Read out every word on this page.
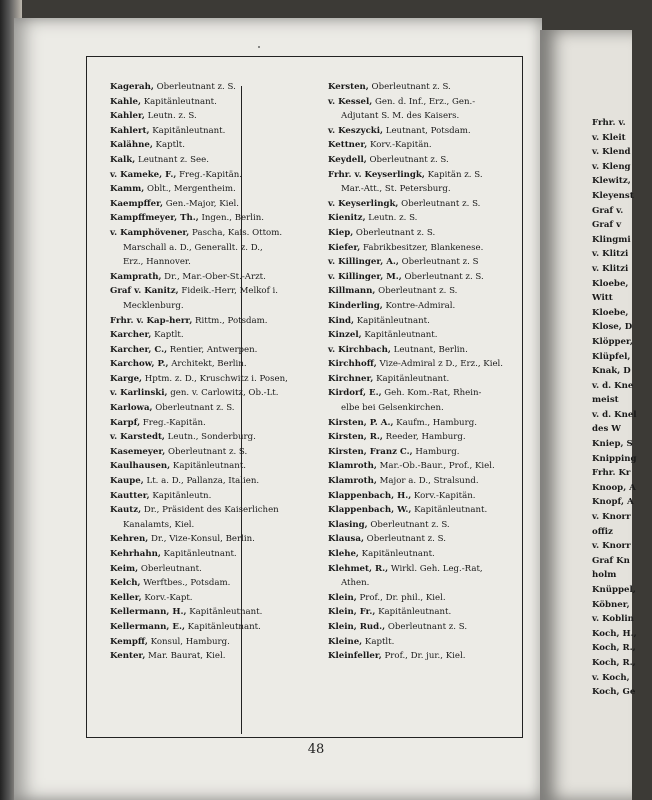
Frhr. v.
v. Kleit
v. Klend
v. Kleng
Klewitz,
Kleyenst
Graf v.
Graf v
Klingmi
v. Klitzi
v. Klitzi
Kloebe,
Witt
Kloebe,
Klose, D
Klöpper,
Klüpfel,
Knak, D
v. d. Kne
meist
v. d. Knel
des W
Kniep, S
Knipping
Frhr. Kr
Knoop, A
Knopf, A
v. Knorr
offiz
v. Knorr
Graf Kn
holm
Knüppel,
Köbner,
v. Koblin
Koch, H.,
Koch, R.,
Koch, R.,
v. Koch,
Koch, Ge
Kagerah, Oberleutnant z. S.
Kahle, Kapitänleutnant.
Kahler, Leutn. z. S.
Kahlert, Kapitänleutnant.
Kalähne, Kaptlt.
Kalk, Leutnant z. See.
v. Kameke, F., Freg.-Kapitän.
Kamm, Oblt., Mergentheim.
Kaempffer, Gen.-Major, Kiel.
Kampffmeyer, Th., Ingen., Berlin.
v. Kamphövener, Pascha, Kais. Ottom.
Marschall a. D., Generallt. z. D.,
Erz., Hannover.
Kamprath, Dr., Mar.-Ober-St.-Arzt.
Graf v. Kanitz, Fideik.-Herr, Melkof i.
Mecklenburg.
Frhr. v. Kap-herr, Rittm., Potsdam.
Karcher, Kaptlt.
Karcher, C., Rentier, Antwerpen.
Karchow, P., Architekt, Berlin.
Karge, Hptm. z. D., Kruschwitz i. Posen,
v. Karlinski, gen. v. Carlowitz, Ob.-Lt.
Karlowa, Oberleutnant z. S.
Karpf, Freg.-Kapitän.
v. Karstedt, Leutn., Sonderburg.
Kasemeyer, Oberleutnant z. S.
Kaulhausen, Kapitänleutnant.
Kaupe, Lt. a. D., Pallanza, Italien.
Kautter, Kapitänleutn.
Kautz, Dr., Präsident des Kaiserlichen
Kanalamts, Kiel.
Kehren, Dr., Vize-Konsul, Berlin.
Kehrhahn, Kapitänleutnant.
Keim, Oberleutnant.
Kelch, Werftbes., Potsdam.
Keller, Korv.-Kapt.
Kellermann, H., Kapitänleutnant.
Kellermann, E., Kapitänleutnant.
Kempff, Konsul, Hamburg.
Kenter, Mar. Baurat, Kiel.
Kersten, Oberleutnant z. S.
v. Kessel, Gen. d. Inf., Erz., Gen.-
Adjutant S. M. des Kaisers.
v. Keszycki, Leutnant, Potsdam.
Kettner, Korv.-Kapitän.
Keydell, Oberleutnant z. S.
Frhr. v. Keyserlingk, Kapitän z. S.
Mar.-Att., St. Petersburg.
v. Keyserlingk, Oberleutnant z. S.
Kienitz, Leutn. z. S.
Kiep, Oberleutnant z. S.
Kiefer, Fabrikbesitzer, Blankenese.
v. Killinger, A., Oberleutnant z. S
v. Killinger, M., Oberleutnant z. S.
Killmann, Oberleutnant z. S.
Kinderling, Kontre-Admiral.
Kind, Kapitänleutnant.
Kinzel, Kapitänleutnant.
v. Kirchbach, Leutnant, Berlin.
Kirchhoff, Vize-Admiral z D., Erz., Kiel.
Kirchner, Kapitänleutnant.
Kirdorf, E., Geh. Kom.-Rat, Rhein-
elbe bei Gelsenkirchen.
Kirsten, P. A., Kaufm., Hamburg.
Kirsten, R., Reeder, Hamburg.
Kirsten, Franz C., Hamburg.
Klamroth, Mar.-Ob.-Baur., Prof., Kiel.
Klamroth, Major a. D., Stralsund.
Klappenbach, H., Korv.-Kapitän.
Klappenbach, W., Kapitänleutnant.
Klasing, Oberleutnant z. S.
Klausa, Oberleutnant z. S.
Klehe, Kapitänleutnant.
Klehmet, R., Wirkl. Geh. Leg.-Rat,
Athen.
Klein, Prof., Dr. phil., Kiel.
Klein, Fr., Kapitänleutnant.
Klein, Rud., Oberleutnant z. S.
Kleine, Kaptlt.
Kleinfeller, Prof., Dr. jur., Kiel.
48
